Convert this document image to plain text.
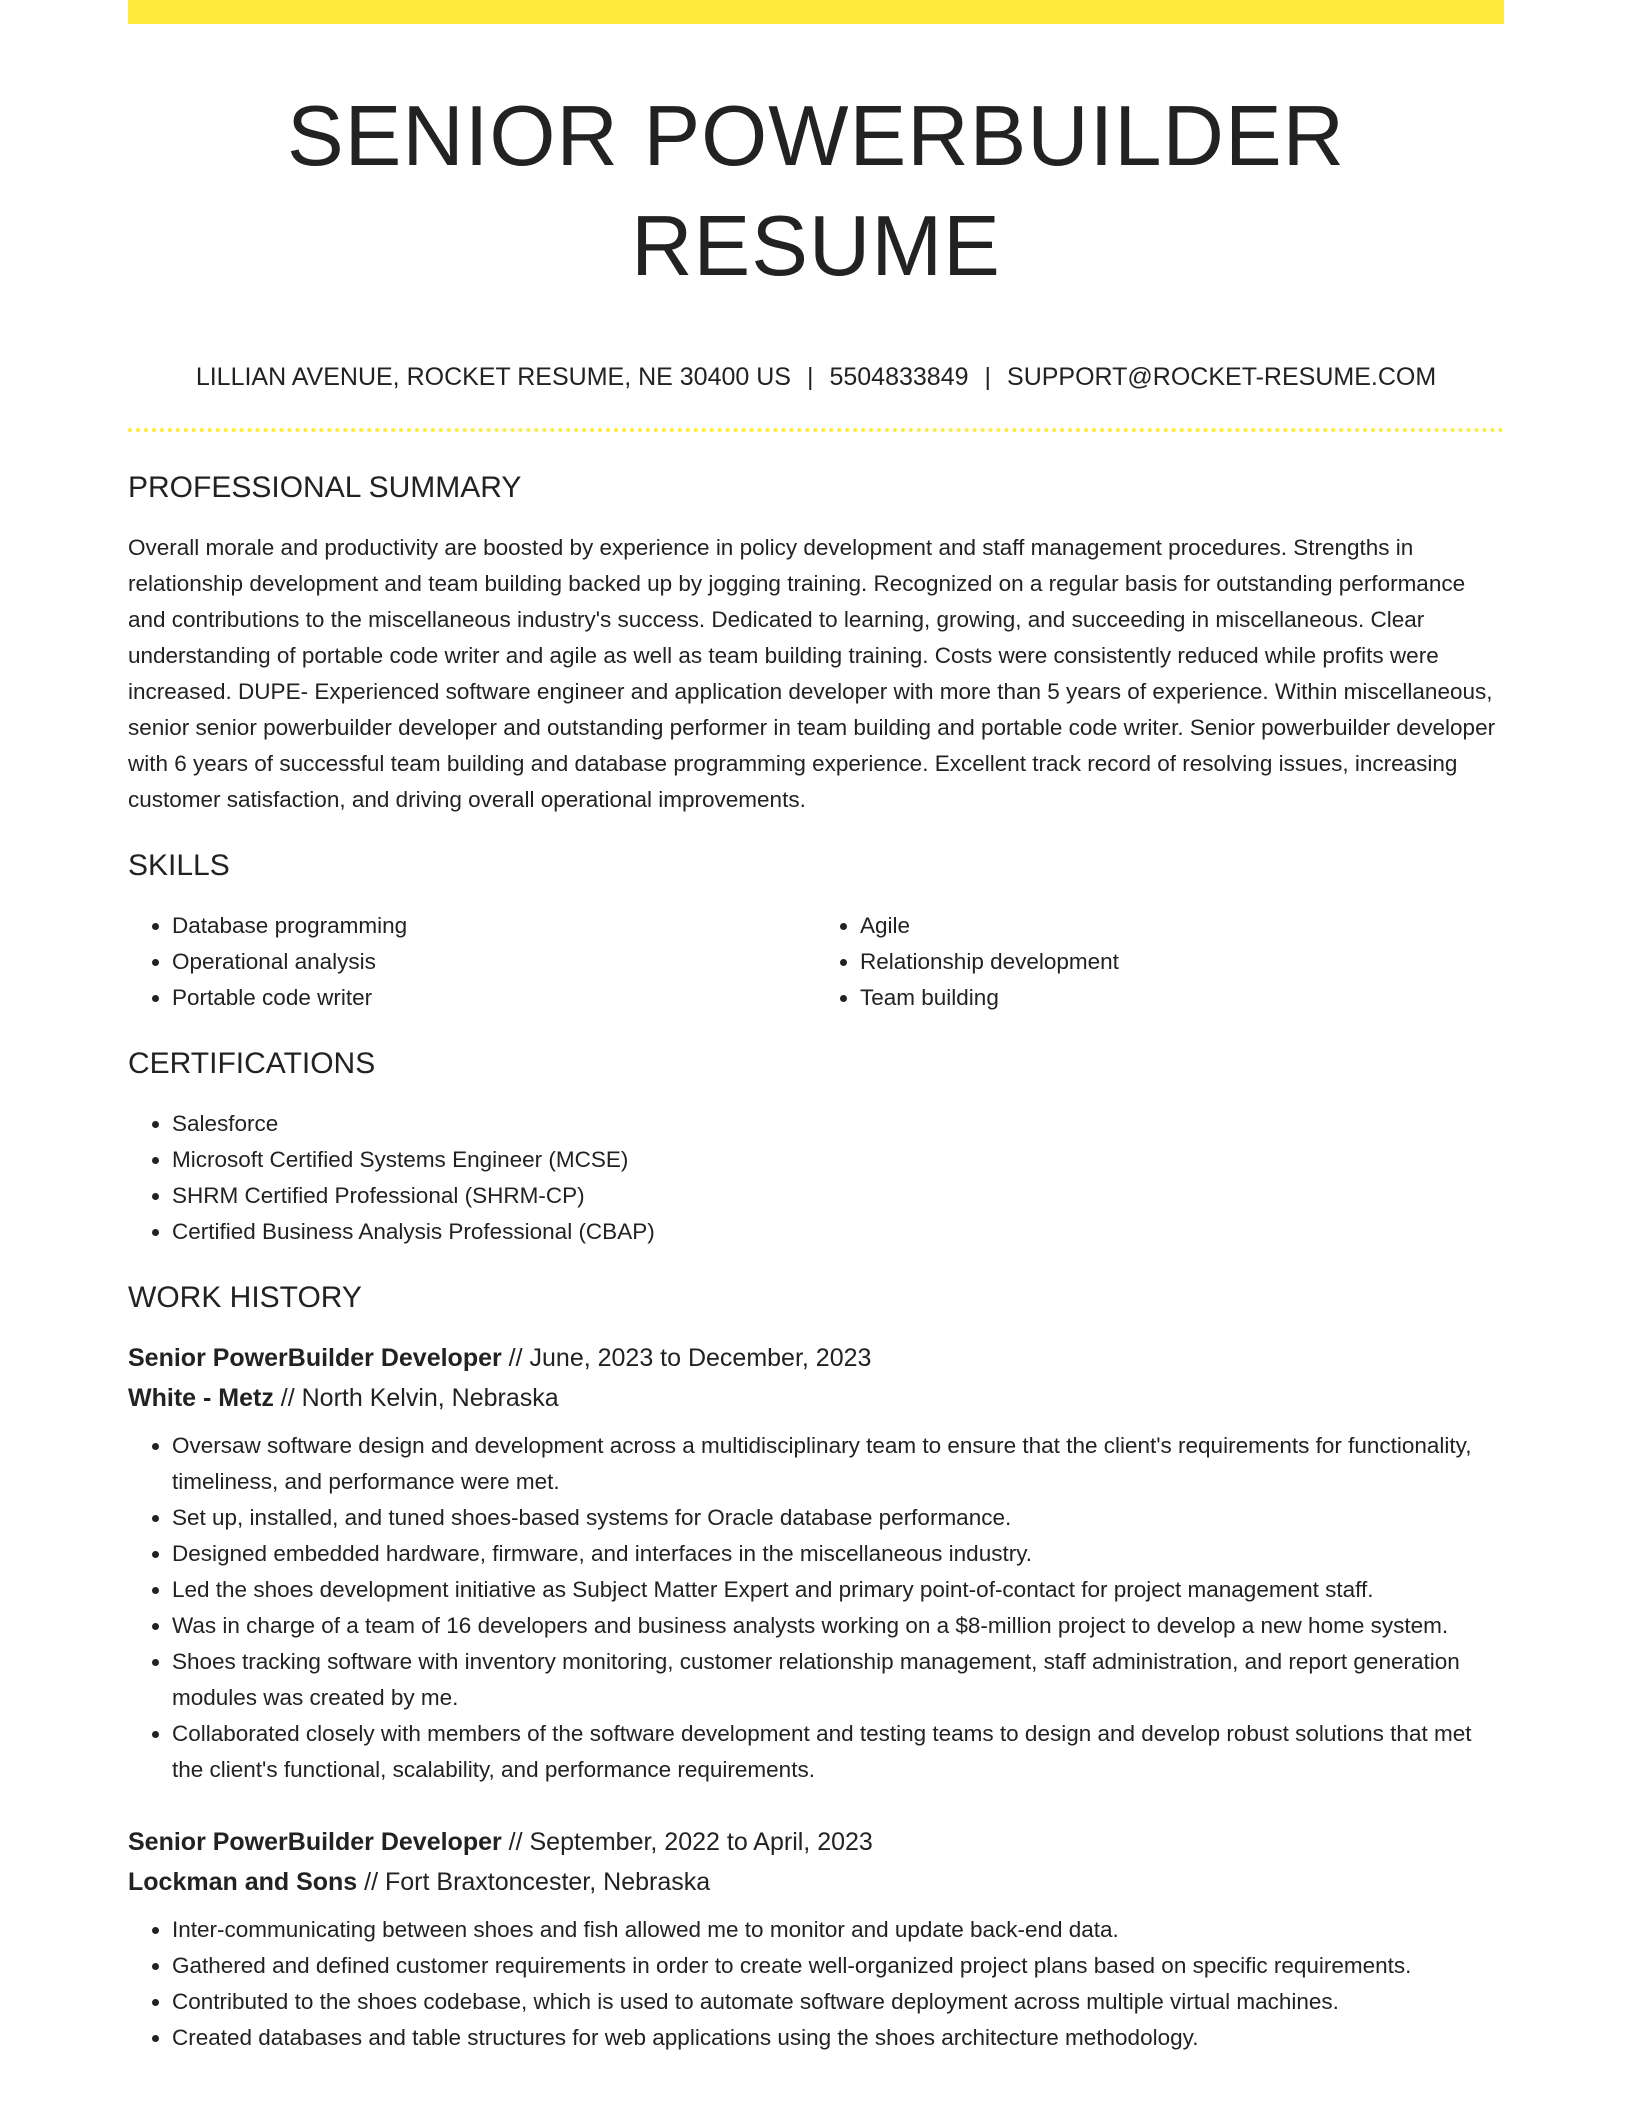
SENIOR POWERBUILDER RESUME
LILLIAN AVENUE, ROCKET RESUME, NE 30400 US | 5504833849 | SUPPORT@ROCKET-RESUME.COM
PROFESSIONAL SUMMARY

Overall morale and productivity are boosted by experience in policy development and staff management procedures. Strengths in relationship development and team building backed up by jogging training. Recognized on a regular basis for outstanding performance and contributions to the miscellaneous industry's success. Dedicated to learning, growing, and succeeding in miscellaneous. Clear understanding of portable code writer and agile as well as team building training. Costs were consistently reduced while profits were increased. DUPE- Experienced software engineer and application developer with more than 5 years of experience. Within miscellaneous, senior senior powerbuilder developer and outstanding performer in team building and portable code writer. Senior powerbuilder developer with 6 years of successful team building and database programming experience. Excellent track record of resolving issues, increasing customer satisfaction, and driving overall operational improvements.

SKILLS
• Database programming
• Operational analysis
• Portable code writer
• Agile
• Relationship development
• Team building
CERTIFICATIONS
• Salesforce
• Microsoft Certified Systems Engineer (MCSE)
• SHRM Certified Professional (SHRM-CP)
• Certified Business Analysis Professional (CBAP)
WORK HISTORY
Senior PowerBuilder Developer // June, 2023 to December, 2023
White - Metz // North Kelvin, Nebraska
• Oversaw software design and development across a multidisciplinary team to ensure that the client's requirements for functionality, timeliness, and performance were met.
• Set up, installed, and tuned shoes-based systems for Oracle database performance.
• Designed embedded hardware, firmware, and interfaces in the miscellaneous industry.
• Led the shoes development initiative as Subject Matter Expert and primary point-of-contact for project management staff.
• Was in charge of a team of 16 developers and business analysts working on a $8-million project to develop a new home system.
• Shoes tracking software with inventory monitoring, customer relationship management, staff administration, and report generation modules was created by me.
• Collaborated closely with members of the software development and testing teams to design and develop robust solutions that met the client's functional, scalability, and performance requirements.
Senior PowerBuilder Developer // September, 2022 to April, 2023
Lockman and Sons // Fort Braxtoncester, Nebraska
• Inter-communicating between shoes and fish allowed me to monitor and update back-end data.
• Gathered and defined customer requirements in order to create well-organized project plans based on specific requirements.
• Contributed to the shoes codebase, which is used to automate software deployment across multiple virtual machines.
• Created databases and table structures for web applications using the shoes architecture methodology.
